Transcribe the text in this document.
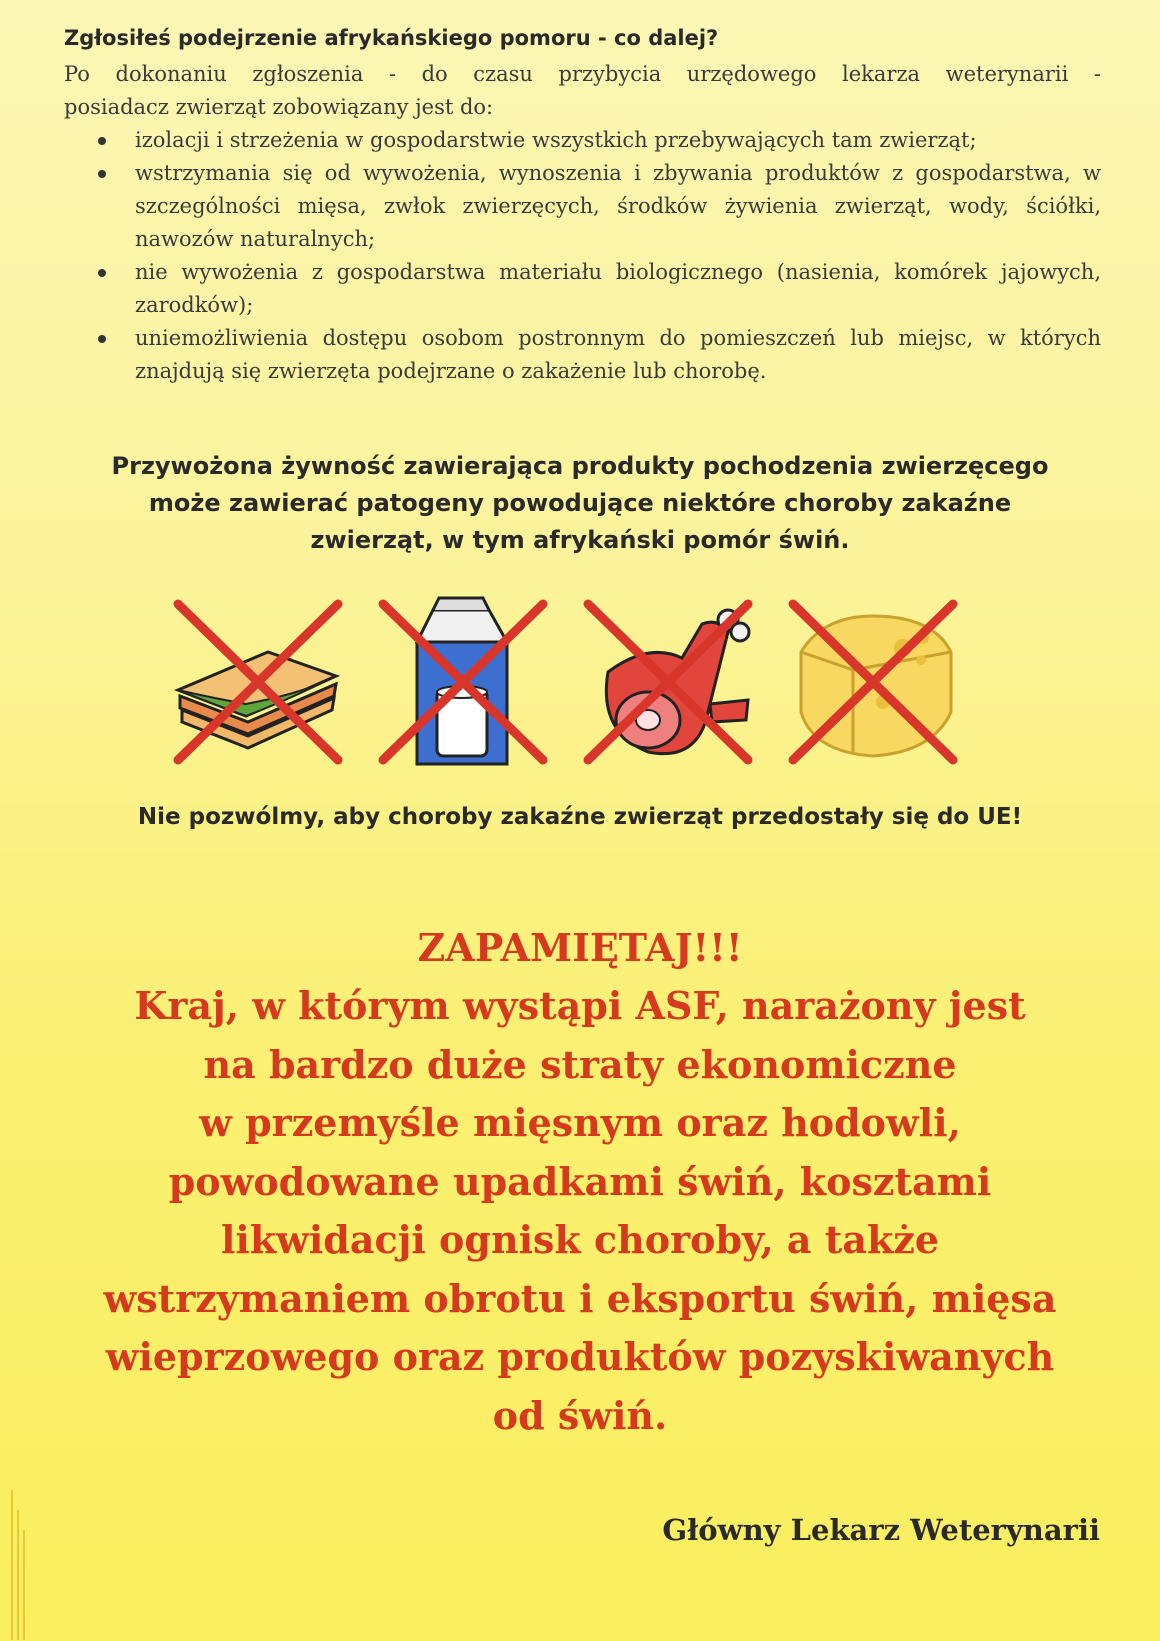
Zgłosiłeś podejrzenie afrykańskiego pomoru - co dalej?
Po dokonaniu zgłoszenia - do czasu przybycia urzędowego lekarza weterynarii -
posiadacz zwierząt zobowiązany jest do:
izolacji i strzeżenia w gospodarstwie wszystkich przebywających tam zwierząt;
wstrzymania się od wywożenia, wynoszenia i zbywania produktów z gospodarstwa, w szczególności mięsa, zwłok zwierzęcych, środków żywienia zwierząt, wody, ściółki, nawozów naturalnych;
nie wywożenia z gospodarstwa materiału biologicznego (nasienia, komórek jajowych, zarodków);
uniemożliwienia dostępu osobom postronnym do pomieszczeń lub miejsc, w których znajdują się zwierzęta podejrzane o zakażenie lub chorobę.
Przywożona żywność zawierająca produkty pochodzenia zwierzęcego
może zawierać patogeny powodujące niektóre choroby zakaźne
zwierząt, w tym afrykański pomór świń.
Nie pozwólmy, aby choroby zakaźne zwierząt przedostały się do UE!
ZAPAMIĘTAJ!!!
Kraj, w którym wystąpi ASF, narażony jest
na bardzo duże straty ekonomiczne
w przemyśle mięsnym oraz hodowli,
powodowane upadkami świń, kosztami
likwidacji ognisk choroby, a także
wstrzymaniem obrotu i eksportu świń, mięsa
wieprzowego oraz produktów pozyskiwanych
od świń.
Główny Lekarz Weterynarii
